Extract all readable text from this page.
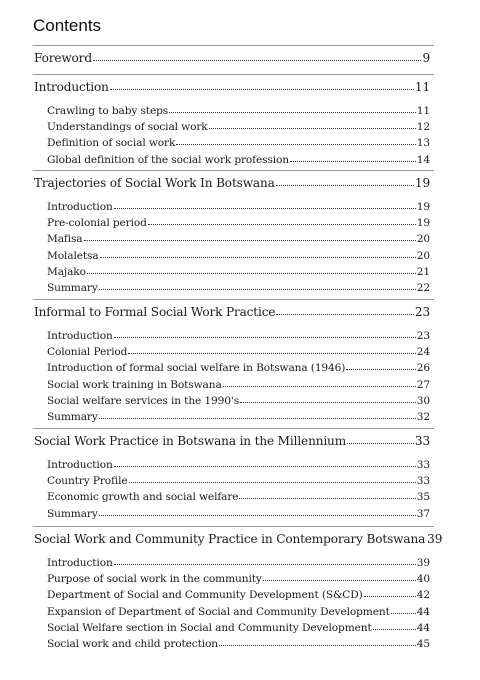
Contents
Foreword	9
Introduction	11
Crawling to baby steps	11
Understandings of social work	12
Definition of social work	13
Global definition of the social work profession	14
Trajectories of Social Work In Botswana	19
Introduction	19
Pre-colonial period	19
Mafisa	20
Molaletsa	20
Majako	21
Summary	22
Informal to Formal Social Work Practice	23
Introduction	23
Colonial Period	24
Introduction of formal social welfare in Botswana (1946)	26
Social work training in Botswana	27
Social welfare services in the 1990's	30
Summary	32
Social Work Practice in Botswana in the Millennium	33
Introduction	33
Country Profile	33
Economic growth and social welfare	35
Summary	37
Social Work and Community Practice in Contemporary Botswana 39
Introduction	39
Purpose of social work in the community	40
Department of Social and Community Development (S&CD)	42
Expansion of Department of Social and Community Development	44
Social Welfare section in Social and Community Development	44
Social work and child protection	45
